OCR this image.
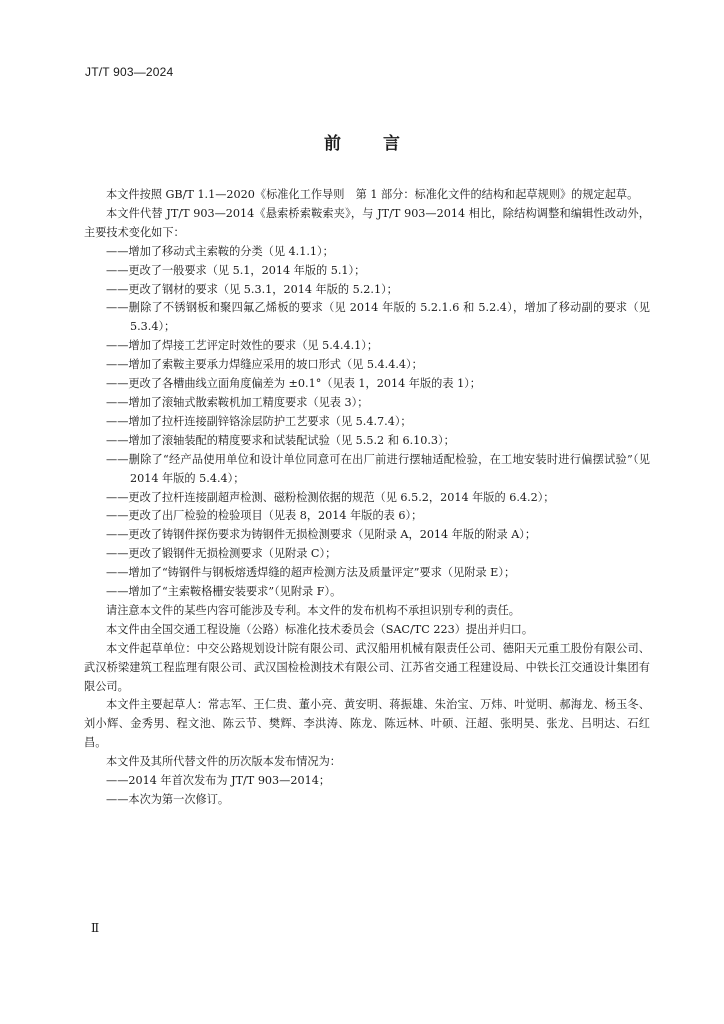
JT/T 903—2024
前 言
本文件按照 GB/T 1.1—2020《标准化工作导则　第 1 部分：标准化文件的结构和起草规则》的规定起草。
本文件代替 JT/T 903—2014《悬索桥索鞍索夹》，与 JT/T 903—2014 相比，除结构调整和编辑性改动外，主要技术变化如下：
——增加了移动式主索鞍的分类（见 4.1.1）；
——更改了一般要求（见 5.1，2014 年版的 5.1）；
——更改了钢材的要求（见 5.3.1，2014 年版的 5.2.1）；
——删除了不锈钢板和聚四氟乙烯板的要求（见 2014 年版的 5.2.1.6 和 5.2.4），增加了移动副的要求（见 5.3.4）；
——增加了焊接工艺评定时效性的要求（见 5.4.4.1）；
——增加了索鞍主要承力焊缝应采用的坡口形式（见 5.4.4.4）；
——更改了各槽曲线立面角度偏差为 ±0.1°（见表 1，2014 年版的表 1）；
——增加了滚轴式散索鞍机加工精度要求（见表 3）；
——增加了拉杆连接副锌铬涂层防护工艺要求（见 5.4.7.4）；
——增加了滚轴装配的精度要求和试装配试验（见 5.5.2 和 6.10.3）；
——删除了“经产品使用单位和设计单位同意可在出厂前进行摆轴适配检验，在工地安装时进行偏摆试验”（见 2014 年版的 5.4.4）；
——更改了拉杆连接副超声检测、磁粉检测依据的规范（见 6.5.2，2014 年版的 6.4.2）；
——更改了出厂检验的检验项目（见表 8，2014 年版的表 6）；
——更改了铸钢件探伤要求为铸钢件无损检测要求（见附录 A，2014 年版的附录 A）；
——更改了锻钢件无损检测要求（见附录 C）；
——增加了“铸钢件与钢板熔透焊缝的超声检测方法及质量评定”要求（见附录 E）；
——增加了“主索鞍格栅安装要求”（见附录 F）。
请注意本文件的某些内容可能涉及专利。本文件的发布机构不承担识别专利的责任。
本文件由全国交通工程设施（公路）标准化技术委员会（SAC/TC 223）提出并归口。
本文件起草单位：中交公路规划设计院有限公司、武汉船用机械有限责任公司、德阳天元重工股份有限公司、武汉桥梁建筑工程监理有限公司、武汉国检检测技术有限公司、江苏省交通工程建设局、中铁长江交通设计集团有限公司。
本文件主要起草人：常志军、王仁贵、董小亮、黄安明、蒋振雄、朱治宝、万炜、叶觉明、郝海龙、杨玉冬、刘小辉、金秀男、程文池、陈云节、樊辉、李洪涛、陈龙、陈远林、叶硕、汪超、张明昊、张龙、吕明达、石红昌。
本文件及其所代替文件的历次版本发布情况为：
——2014 年首次发布为 JT/T 903—2014；
——本次为第一次修订。
Ⅱ
